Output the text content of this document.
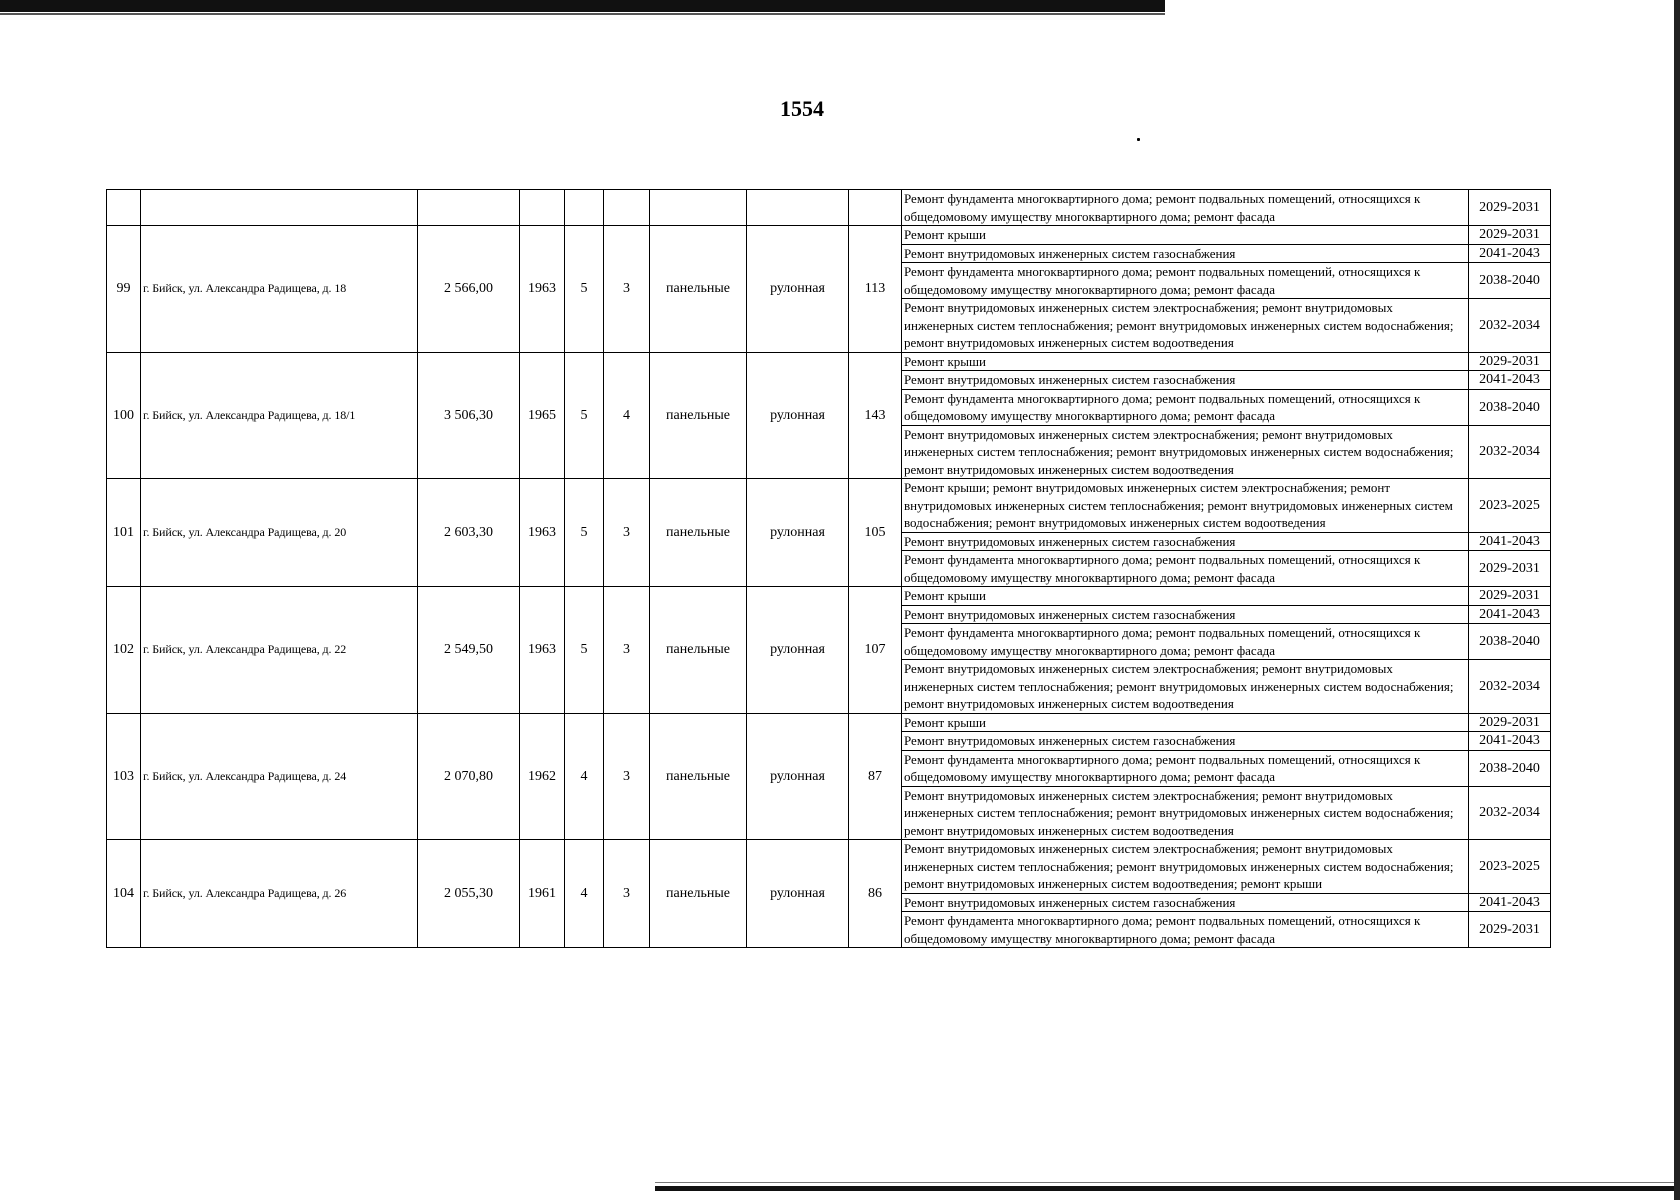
1554
									Ремонт фундамента многоквартирного дома; ремонт подвальных помещений, относящихся к общедомовому имуществу многоквартирного дома; ремонт фасада	2029-2031
99	г. Бийск, ул. Александра Радищева, д. 18	2 566,00	1963	5	3	панельные	рулонная	113	Ремонт крыши	2029-2031
									Ремонт внутридомовых инженерных систем газоснабжения	2041-2043
									Ремонт фундамента многоквартирного дома; ремонт подвальных помещений, относящихся к общедомовому имуществу многоквартирного дома; ремонт фасада	2038-2040
									Ремонт внутридомовых инженерных систем электроснабжения; ремонт внутридомовых инженерных систем теплоснабжения; ремонт внутридомовых инженерных систем водоснабжения; ремонт внутридомовых инженерных систем водоотведения	2032-2034
100	г. Бийск, ул. Александра Радищева, д. 18/1	3 506,30	1965	5	4	панельные	рулонная	143	Ремонт крыши	2029-2031
									Ремонт внутридомовых инженерных систем газоснабжения	2041-2043
									Ремонт фундамента многоквартирного дома; ремонт подвальных помещений, относящихся к общедомовому имуществу многоквартирного дома; ремонт фасада	2038-2040
									Ремонт внутридомовых инженерных систем электроснабжения; ремонт внутридомовых инженерных систем теплоснабжения; ремонт внутридомовых инженерных систем водоснабжения; ремонт внутридомовых инженерных систем водоотведения	2032-2034
101	г. Бийск, ул. Александра Радищева, д. 20	2 603,30	1963	5	3	панельные	рулонная	105	Ремонт крыши; ремонт внутридомовых инженерных систем электроснабжения; ремонт внутридомовых инженерных систем теплоснабжения; ремонт внутридомовых инженерных систем водоснабжения; ремонт внутридомовых инженерных систем водоотведения	2023-2025
									Ремонт внутридомовых инженерных систем газоснабжения	2041-2043
									Ремонт фундамента многоквартирного дома; ремонт подвальных помещений, относящихся к общедомовому имуществу многоквартирного дома; ремонт фасада	2029-2031
102	г. Бийск, ул. Александра Радищева, д. 22	2 549,50	1963	5	3	панельные	рулонная	107	Ремонт крыши	2029-2031
									Ремонт внутридомовых инженерных систем газоснабжения	2041-2043
									Ремонт фундамента многоквартирного дома; ремонт подвальных помещений, относящихся к общедомовому имуществу многоквартирного дома; ремонт фасада	2038-2040
									Ремонт внутридомовых инженерных систем электроснабжения; ремонт внутридомовых инженерных систем теплоснабжения; ремонт внутридомовых инженерных систем водоснабжения; ремонт внутридомовых инженерных систем водоотведения	2032-2034
103	г. Бийск, ул. Александра Радищева, д. 24	2 070,80	1962	4	3	панельные	рулонная	87	Ремонт крыши	2029-2031
									Ремонт внутридомовых инженерных систем газоснабжения	2041-2043
									Ремонт фундамента многоквартирного дома; ремонт подвальных помещений, относящихся к общедомовому имуществу многоквартирного дома; ремонт фасада	2038-2040
									Ремонт внутридомовых инженерных систем электроснабжения; ремонт внутридомовых инженерных систем теплоснабжения; ремонт внутридомовых инженерных систем водоснабжения; ремонт внутридомовых инженерных систем водоотведения	2032-2034
104	г. Бийск, ул. Александра Радищева, д. 26	2 055,30	1961	4	3	панельные	рулонная	86	Ремонт внутридомовых инженерных систем электроснабжения; ремонт внутридомовых инженерных систем теплоснабжения; ремонт внутридомовых инженерных систем водоснабжения; ремонт внутридомовых инженерных систем водоотведения; ремонт крыши	2023-2025
									Ремонт внутридомовых инженерных систем газоснабжения	2041-2043
									Ремонт фундамента многоквартирного дома; ремонт подвальных помещений, относящихся к общедомовому имуществу многоквартирного дома; ремонт фасада	2029-2031
